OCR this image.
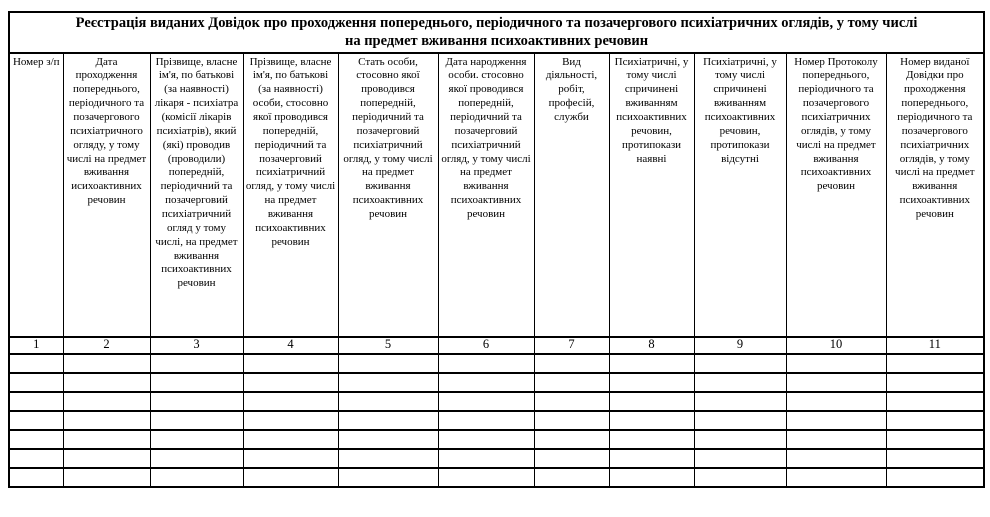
Реєстрація виданих Довідок про проходження попереднього, періодичного та позачергового психіатричних оглядів, у тому числі
на предмет вживання психоактивних речовин										
Номер з/п	Дата проходження попереднього, періодичного та позачергового психіатричного огляду, у тому числі на предмет вживання исихоактивних речовин	Прізвище, власне ім'я, по батькові (за наявності) лікаря - психіатра (комісії лікарів психіатрів), який (які) проводив (проводили) попередній, періодичний та позачерговий психіатричний огляд у тому числі, на предмет вживання психоактивних речовин	Прізвище, власне ім'я, по батькові (за наявності) особи, стосовно якої проводився попередній, періодичний та позачерговий психіатричний огляд, у тому числі на предмет вживання психоактивних речовин	Стать особи, стосовно якої проводився попередній, періодичний та позачерговий психіатричний огляд, у тому числі на предмет вживання психоактивних речовин	Дата народження особи. стосовно якої проводився попередній, періодичний та позачерговий психіатричний огляд, у тому числі на предмет вживання психоактивних речовин	Вид діяльності, робіт, професій, служби	Психіатричні, у тому числі спричинені вживанням психоактивних речовин, протипокази наявні	Психіатричні, у тому числі спричинені вживанням психоактивних речовин, протипокази відсутні	Номер Протоколу попереднього, періодичного та позачергового психіатричних оглядів, у тому числі на предмет вживання психоактивних речовин	Номер виданої Довідки про проходження попереднього, періодичного та позачергового психіатричних оглядів, у тому числі на предмет вживання психоактивних речовин
1	2	3	4	5	6	7	8	9	10	11
